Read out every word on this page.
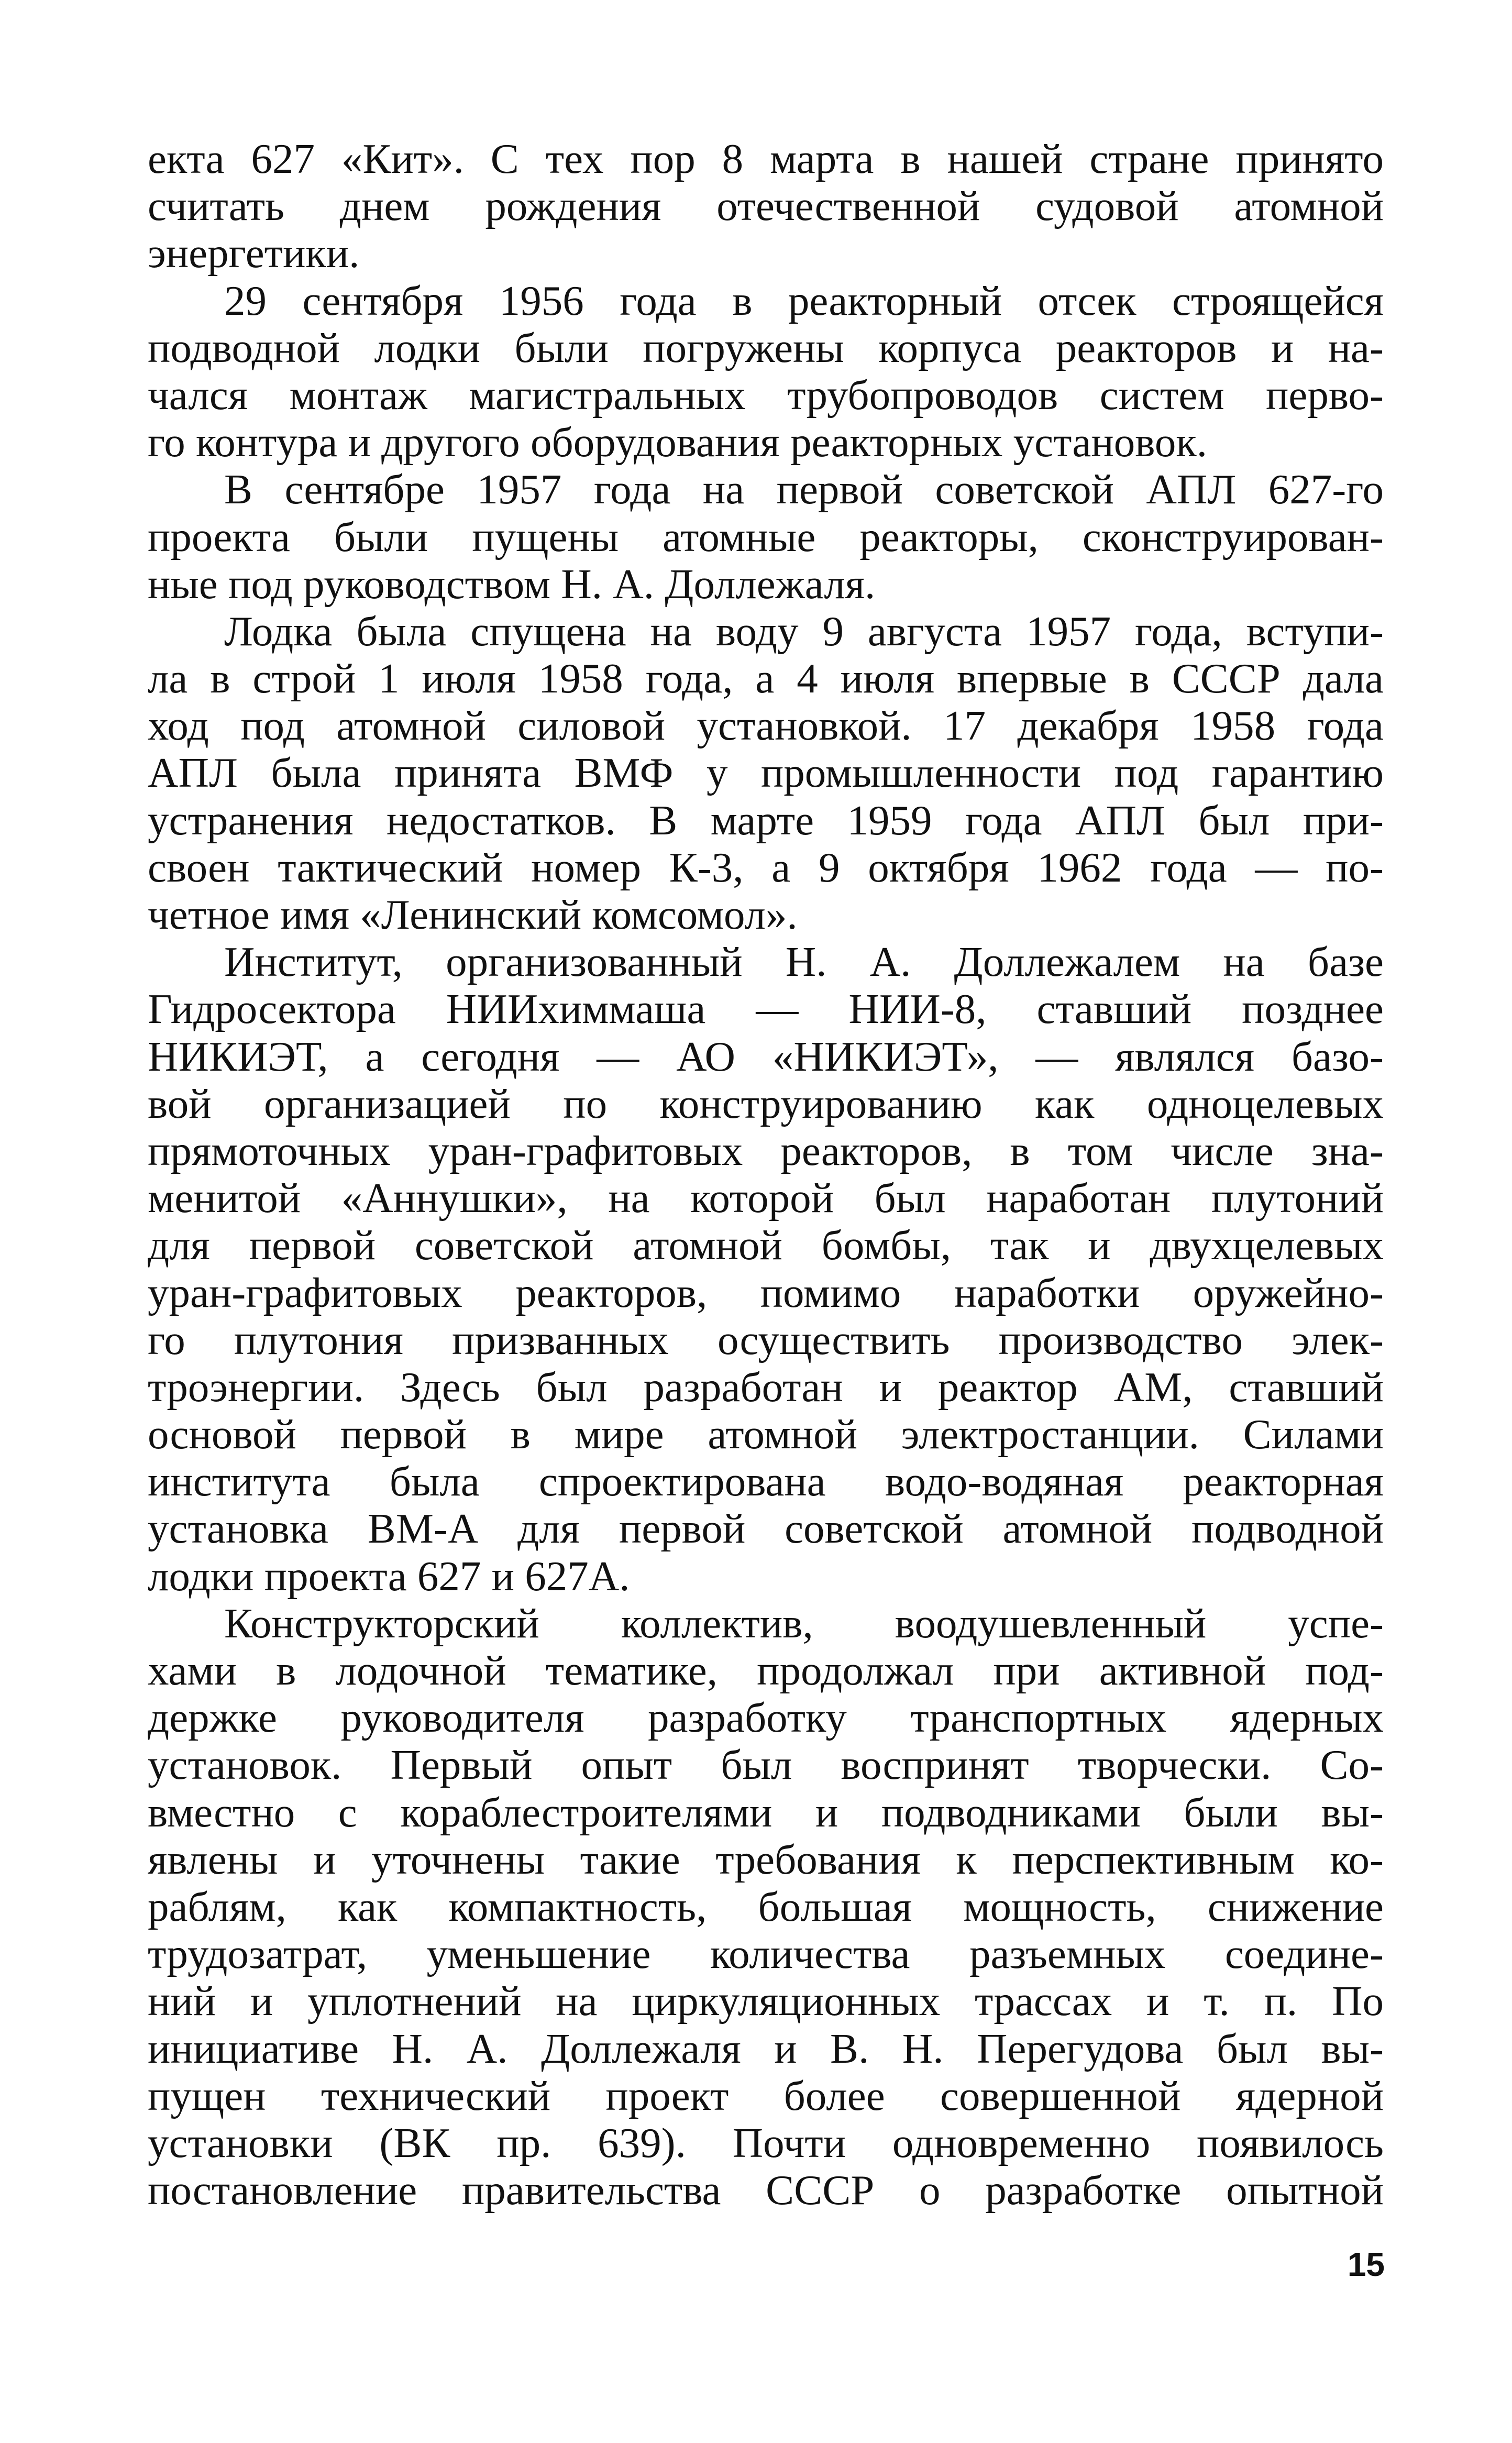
екта 627 «Кит». С тех пор 8 марта в нашей стране принято
считать днем рождения отечественной судовой атомной
энергетики.
29 сентября 1956 года в реакторный отсек строящейся
подводной лодки были погружены корпуса реакторов и на-
чался монтаж магистральных трубопроводов систем перво-
го контура и другого оборудования реакторных установок.
В сентябре 1957 года на первой советской АПЛ 627-го
проекта были пущены атомные реакторы, сконструирован-
ные под руководством Н. А. Доллежаля.
Лодка была спущена на воду 9 августа 1957 года, вступи-
ла в строй 1 июля 1958 года, а 4 июля впервые в СССР дала
ход под атомной силовой установкой. 17 декабря 1958 года
АПЛ была принята ВМФ у промышленности под гарантию
устранения недостатков. В марте 1959 года АПЛ был при-
своен тактический номер К-3, а 9 октября 1962 года — по-
четное имя «Ленинский комсомол».
Институт, организованный Н. А. Доллежалем на базе
Гидросектора НИИхиммаша — НИИ-8, ставший позднее
НИКИЭТ, а сегодня — АО «НИКИЭТ», — являлся базо-
вой организацией по конструированию как одноцелевых
прямоточных уран-графитовых реакторов, в том числе зна-
менитой «Аннушки», на которой был наработан плутоний
для первой советской атомной бомбы, так и двухцелевых
уран-графитовых реакторов, помимо наработки оружейно-
го плутония призванных осуществить производство элек-
троэнергии. Здесь был разработан и реактор АМ, ставший
основой первой в мире атомной электростанции. Силами
института была спроектирована водо-водяная реакторная
установка ВМ-А для первой советской атомной подводной
лодки проекта 627 и 627А.
Конструкторский коллектив, воодушевленный успе-
хами в лодочной тематике, продолжал при активной под-
держке руководителя разработку транспортных ядерных
установок. Первый опыт был воспринят творчески. Со-
вместно с кораблестроителями и подводниками были вы-
явлены и уточнены такие требования к перспективным ко-
раблям, как компактность, большая мощность, снижение
трудозатрат, уменьшение количества разъемных соедине-
ний и уплотнений на циркуляционных трассах и т. п. По
инициативе Н. А. Доллежаля и В. Н. Перегудова был вы-
пущен технический проект более совершенной ядерной
установки (ВК пр. 639). Почти одновременно появилось
постановление правительства СССР о разработке опытной
15
